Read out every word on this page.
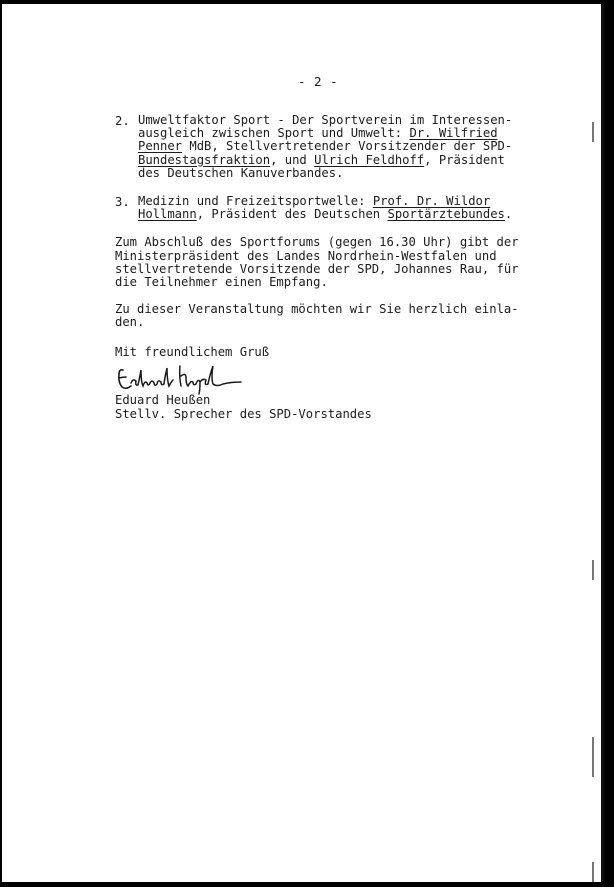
- 2 -
2. Umweltfaktor Sport - Der Sportverein im Interessen-
ausgleich zwischen Sport und Umwelt: Dr. Wilfried
Penner MdB, Stellvertretender Vorsitzender der SPD-
Bundestagsfraktion, und Ulrich Feldhoff, Präsident
des Deutschen Kanuverbandes.
3. Medizin und Freizeitsportwelle: Prof. Dr. Wildor
Hollmann, Präsident des Deutschen Sportärztebundes.
Zum Abschluß des Sportforums (gegen 16.30 Uhr) gibt der
Ministerpräsident des Landes Nordrhein-Westfalen und
stellvertretende Vorsitzende der SPD, Johannes Rau, für
die Teilnehmer einen Empfang.
Zu dieser Veranstaltung möchten wir Sie herzlich einla-
den.
Mit freundlichem Gruß
Eduard Heußen
Stellv. Sprecher des SPD-Vorstandes
